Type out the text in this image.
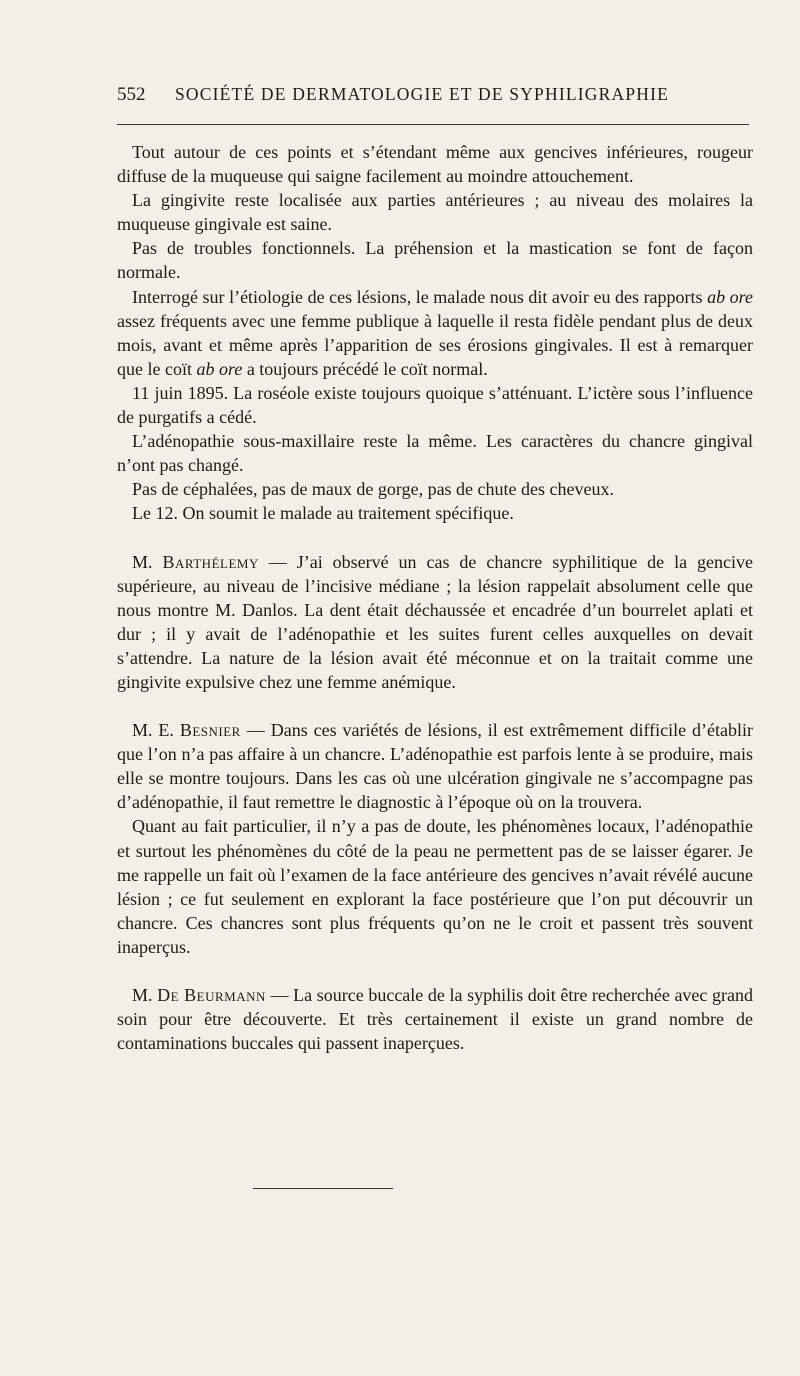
552	SOCIÉTÉ DE DERMATOLOGIE ET DE SYPHILIGRAPHIE

Tout autour de ces points et s’étendant même aux gencives inférieures, rougeur diffuse de la muqueuse qui saigne facilement au moindre attouchement.

La gingivite reste localisée aux parties antérieures ; au niveau des molaires la muqueuse gingivale est saine.

Pas de troubles fonctionnels. La préhension et la mastication se font de façon normale.

Interrogé sur l’étiologie de ces lésions, le malade nous dit avoir eu des rapports ab ore assez fréquents avec une femme publique à laquelle il resta fidèle pendant plus de deux mois, avant et même après l’apparition de ses érosions gingivales. Il est à remarquer que le coït ab ore a toujours précédé le coït normal.

11 juin 1895. La roséole existe toujours quoique s’atténuant. L’ictère sous l’influence de purgatifs a cédé.

L’adénopathie sous-maxillaire reste la même. Les caractères du chancre gingival n’ont pas changé.

Pas de céphalées, pas de maux de gorge, pas de chute des cheveux.

Le 12. On soumit le malade au traitement spécifique.

M. Barthélemy — J’ai observé un cas de chancre syphilitique de la gencive supérieure, au niveau de l’incisive médiane ; la lésion rappelait absolument celle que nous montre M. Danlos. La dent était déchaussée et encadrée d’un bourrelet aplati et dur ; il y avait de l’adénopathie et les suites furent celles auxquelles on devait s’attendre. La nature de la lésion avait été méconnue et on la traitait comme une gingivite expulsive chez une femme anémique.

M. E. Besnier — Dans ces variétés de lésions, il est extrêmement difficile d’établir que l’on n’a pas affaire à un chancre. L’adénopathie est parfois lente à se produire, mais elle se montre toujours. Dans les cas où une ulcération gingivale ne s’accompagne pas d’adénopathie, il faut remettre le diagnostic à l’époque où on la trouvera.

Quant au fait particulier, il n’y a pas de doute, les phénomènes locaux, l’adénopathie et surtout les phénomènes du côté de la peau ne permettent pas de se laisser égarer. Je me rappelle un fait où l’examen de la face antérieure des gencives n’avait révélé aucune lésion ; ce fut seulement en explorant la face postérieure que l’on put découvrir un chancre. Ces chancres sont plus fréquents qu’on ne le croit et passent très souvent inaperçus.

M. De Beurmann — La source buccale de la syphilis doit être recherchée avec grand soin pour être découverte. Et très certainement il existe un grand nombre de contaminations buccales qui passent inaperçues.
